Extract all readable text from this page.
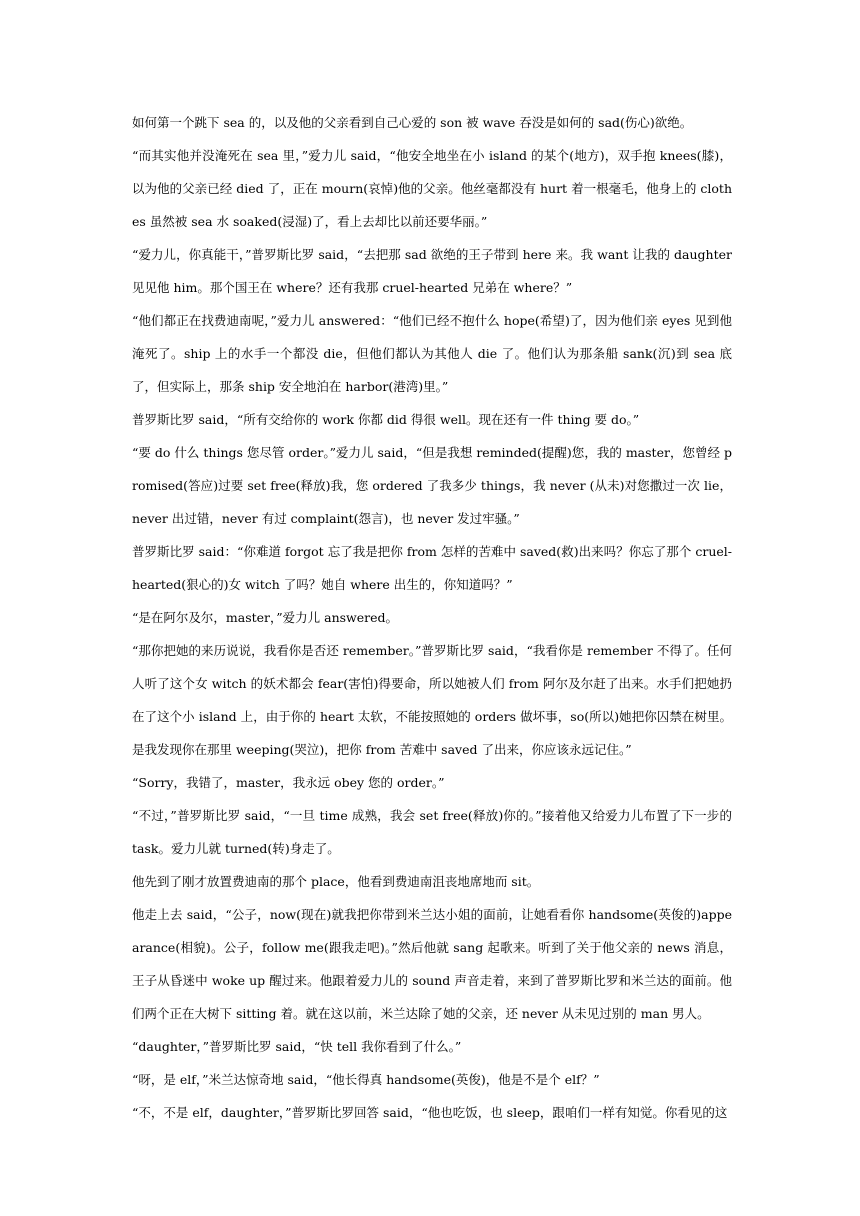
如何第一个跳下 sea 的，以及他的父亲看到自己心爱的 son 被 wave 吞没是如何的 sad(伤心)欲绝。

“而其实他并没淹死在 sea 里，”爱力儿 said，“他安全地坐在小 island 的某个(地方)，双手抱 knees(膝)，以为他的父亲已经 died 了，正在 mourn(哀悼)他的父亲。他丝毫都没有 hurt 着一根毫毛，他身上的 clothes 虽然被 sea 水 soaked(浸湿)了，看上去却比以前还要华丽。”

“爱力儿，你真能干，”普罗斯比罗 said，“去把那 sad 欲绝的王子带到 here 来。我 want 让我的 daughter 见见他 him。那个国王在 where？还有我那 cruel-hearted 兄弟在 where？”

“他们都正在找费迪南呢，”爱力儿 answered：“他们已经不抱什么 hope(希望)了，因为他们亲 eyes 见到他淹死了。ship 上的水手一个都没 die，但他们都认为其他人 die 了。他们认为那条船 sank(沉)到 sea 底了，但实际上，那条 ship 安全地泊在 harbor(港湾)里。”

普罗斯比罗 said，“所有交给你的 work 你都 did 得很 well。现在还有一件 thing 要 do。”

“要 do 什么 things 您尽管 order。”爱力儿 said，“但是我想 reminded(提醒)您，我的 master，您曾经 promised(答应)过要 set free(释放)我，您 ordered 了我多少 things，我 never (从未)对您撒过一次 lie，never 出过错，never 有过 complaint(怨言)，也 never 发过牢骚。”

普罗斯比罗 said：“你难道 forgot 忘了我是把你 from 怎样的苦难中 saved(救)出来吗？你忘了那个 cruel-hearted(狠心的)女 witch 了吗？她自 where 出生的，你知道吗？”

“是在阿尔及尔，master，”爱力儿 answered。

“那你把她的来历说说，我看你是否还 remember。”普罗斯比罗 said，“我看你是 remember 不得了。任何人听了这个女 witch 的妖术都会 fear(害怕)得要命，所以她被人们 from 阿尔及尔赶了出来。水手们把她扔在了这个小 island 上，由于你的 heart 太软，不能按照她的 orders 做坏事，so(所以)她把你囚禁在树里。是我发现你在那里 weeping(哭泣)，把你 from 苦难中 saved 了出来，你应该永远记住。”

“Sorry，我错了，master，我永远 obey 您的 order。”

“不过，”普罗斯比罗 said，“一旦 time 成熟，我会 set free(释放)你的。”接着他又给爱力儿布置了下一步的 task。爱力儿就 turned(转)身走了。

他先到了刚才放置费迪南的那个 place，他看到费迪南沮丧地席地而 sit。

他走上去 said，“公子，now(现在)就我把你带到米兰达小姐的面前，让她看看你 handsome(英俊的)appearance(相貌)。公子，follow me(跟我走吧)。”然后他就 sang 起歌来。听到了关于他父亲的 news 消息，王子从昏迷中 woke up 醒过来。他跟着爱力儿的 sound 声音走着，来到了普罗斯比罗和米兰达的面前。他们两个正在大树下 sitting 着。就在这以前，米兰达除了她的父亲，还 never 从未见过别的 man 男人。

“daughter，”普罗斯比罗 said，“快 tell 我你看到了什么。”

“呀，是 elf，”米兰达惊奇地 said，“他长得真 handsome(英俊)，他是不是个 elf？”

“不，不是 elf，daughter，”普罗斯比罗回答 said，“他也吃饭，也 sleep，跟咱们一样有知觉。你看见的这
